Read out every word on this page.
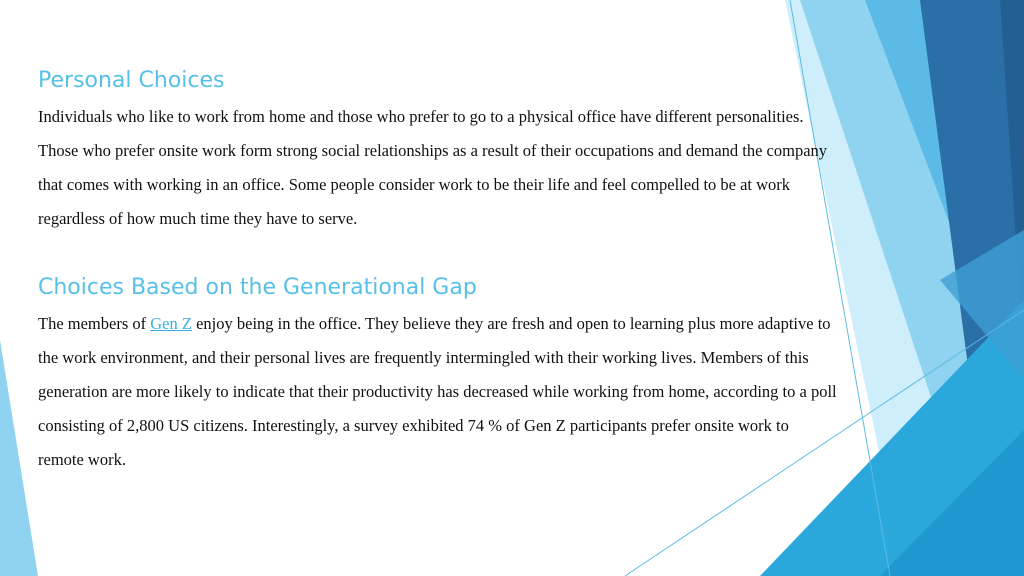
Personal Choices

Individuals who like to work from home and those who prefer to go to a physical office have different personalities. Those who prefer onsite work form strong social relationships as a result of their occupations and demand the company that comes with working in an office. Some people consider work to be their life and feel compelled to be at work regardless of how much time they have to serve.

Choices Based on the Generational Gap

The members of Gen Z enjoy being in the office. They believe they are fresh and open to learning plus more adaptive to the work environment, and their personal lives are frequently intermingled with their working lives. Members of this generation are more likely to indicate that their productivity has decreased while working from home, according to a poll consisting of 2,800 US citizens. Interestingly, a survey exhibited 74 % of Gen Z participants prefer onsite work to remote work.
